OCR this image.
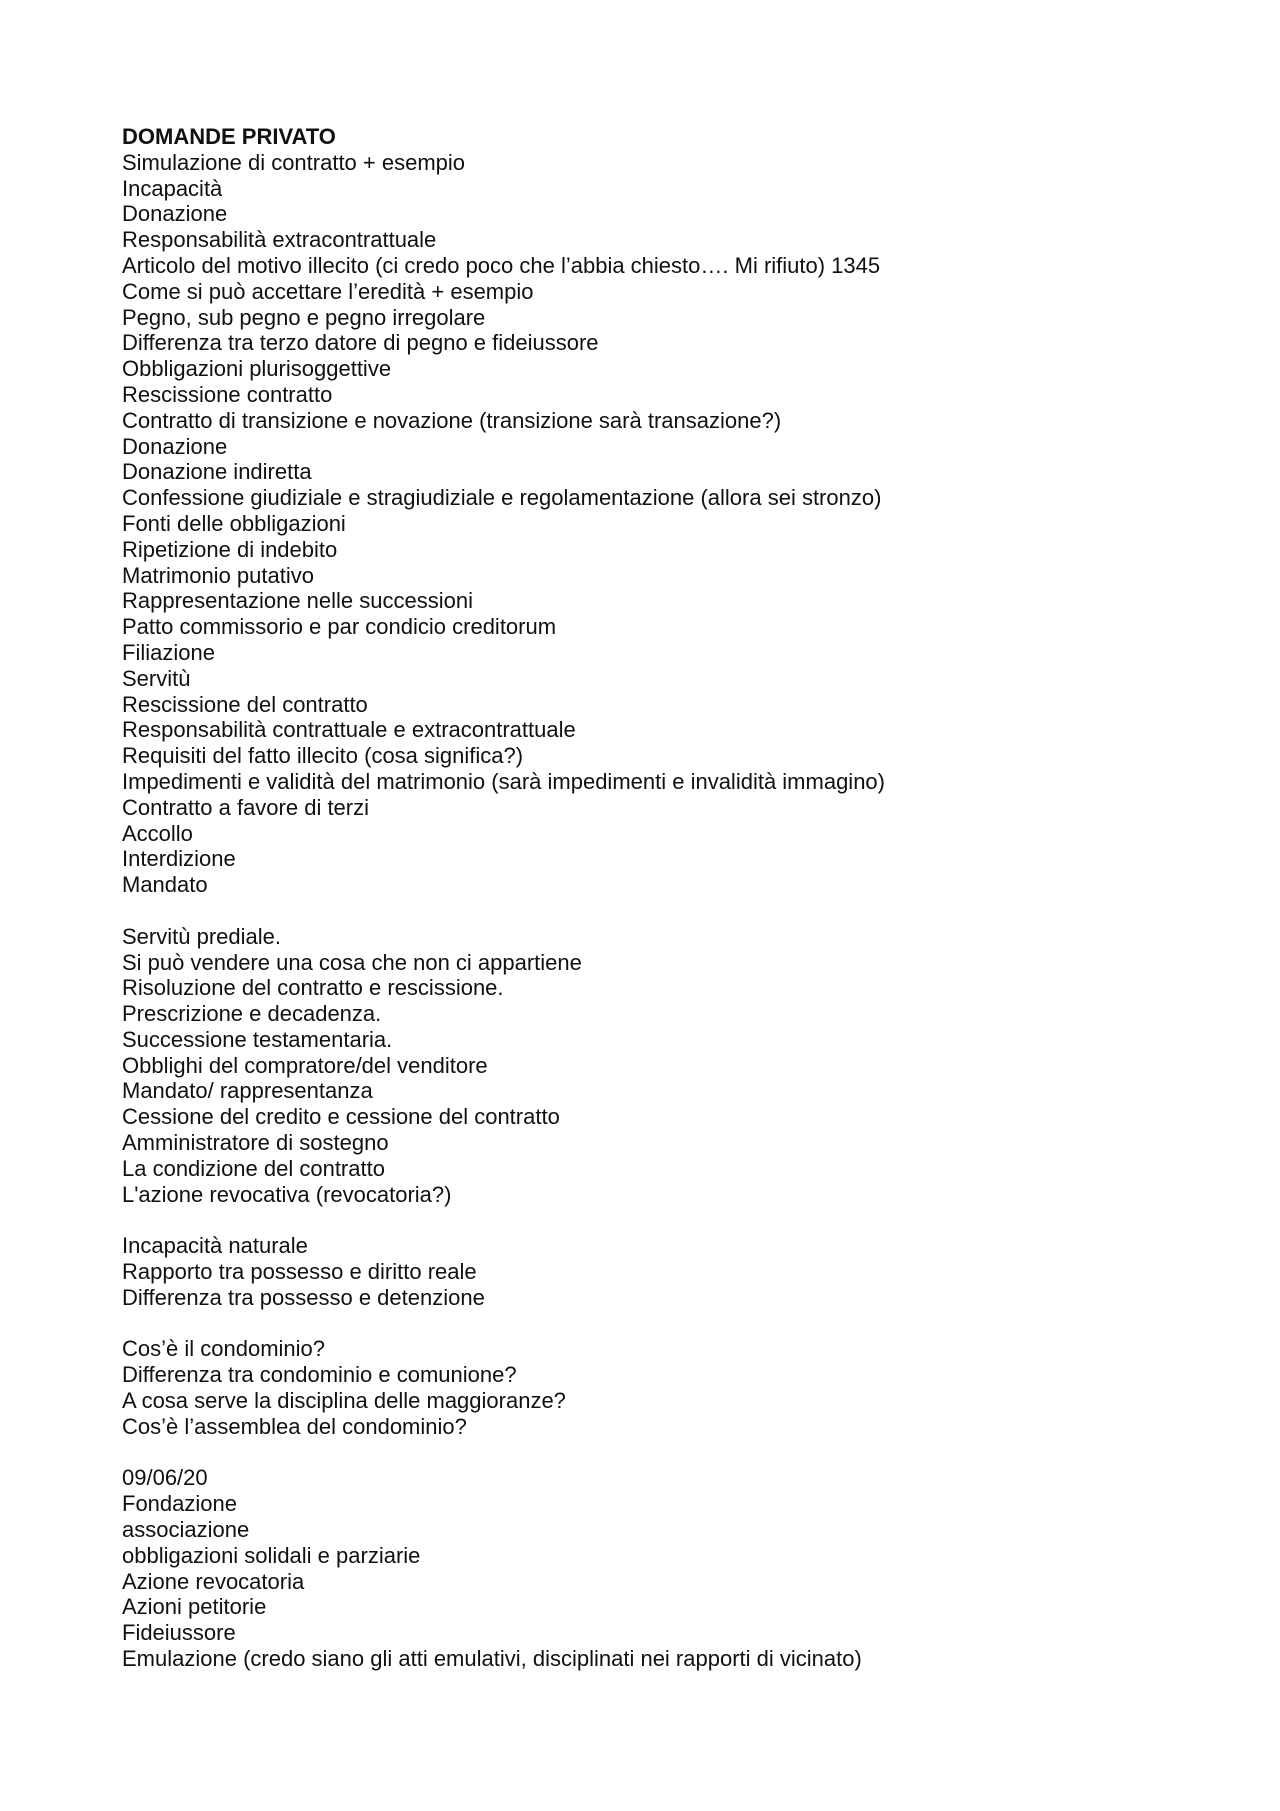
DOMANDE PRIVATO
Simulazione di contratto + esempio
Incapacità
Donazione
Responsabilità extracontrattuale
Articolo del motivo illecito (ci credo poco che l’abbia chiesto…. Mi rifiuto) 1345
Come si può accettare l’eredità + esempio
Pegno, sub pegno e pegno irregolare
Differenza tra terzo datore di pegno e fideiussore
Obbligazioni plurisoggettive
Rescissione contratto
Contratto di transizione e novazione (transizione sarà transazione?)
Donazione
Donazione indiretta
Confessione giudiziale e stragiudiziale e regolamentazione (allora sei stronzo)
Fonti delle obbligazioni
Ripetizione di indebito
Matrimonio putativo
Rappresentazione nelle successioni
Patto commissorio e par condicio creditorum
Filiazione
Servitù
Rescissione del contratto
Responsabilità contrattuale e extracontrattuale
Requisiti del fatto illecito (cosa significa?)
Impedimenti e validità del matrimonio (sarà impedimenti e invalidità immagino)
Contratto a favore di terzi
Accollo
Interdizione
Mandato
Servitù prediale.
Si può vendere una cosa che non ci appartiene
Risoluzione del contratto e rescissione.
Prescrizione e decadenza.
Successione testamentaria.
Obblighi del compratore/del venditore
Mandato/ rappresentanza
Cessione del credito e cessione del contratto
Amministratore di sostegno
La condizione del contratto
L'azione revocativa (revocatoria?)
Incapacità naturale
Rapporto tra possesso e diritto reale
Differenza tra possesso e detenzione
Cos’è il condominio?
Differenza tra condominio e comunione?
A cosa serve la disciplina delle maggioranze?
Cos’è l’assemblea del condominio?
09/06/20
Fondazione
associazione
obbligazioni solidali e parziarie
Azione revocatoria
Azioni petitorie
Fideiussore
Emulazione (credo siano gli atti emulativi, disciplinati nei rapporti di vicinato)
